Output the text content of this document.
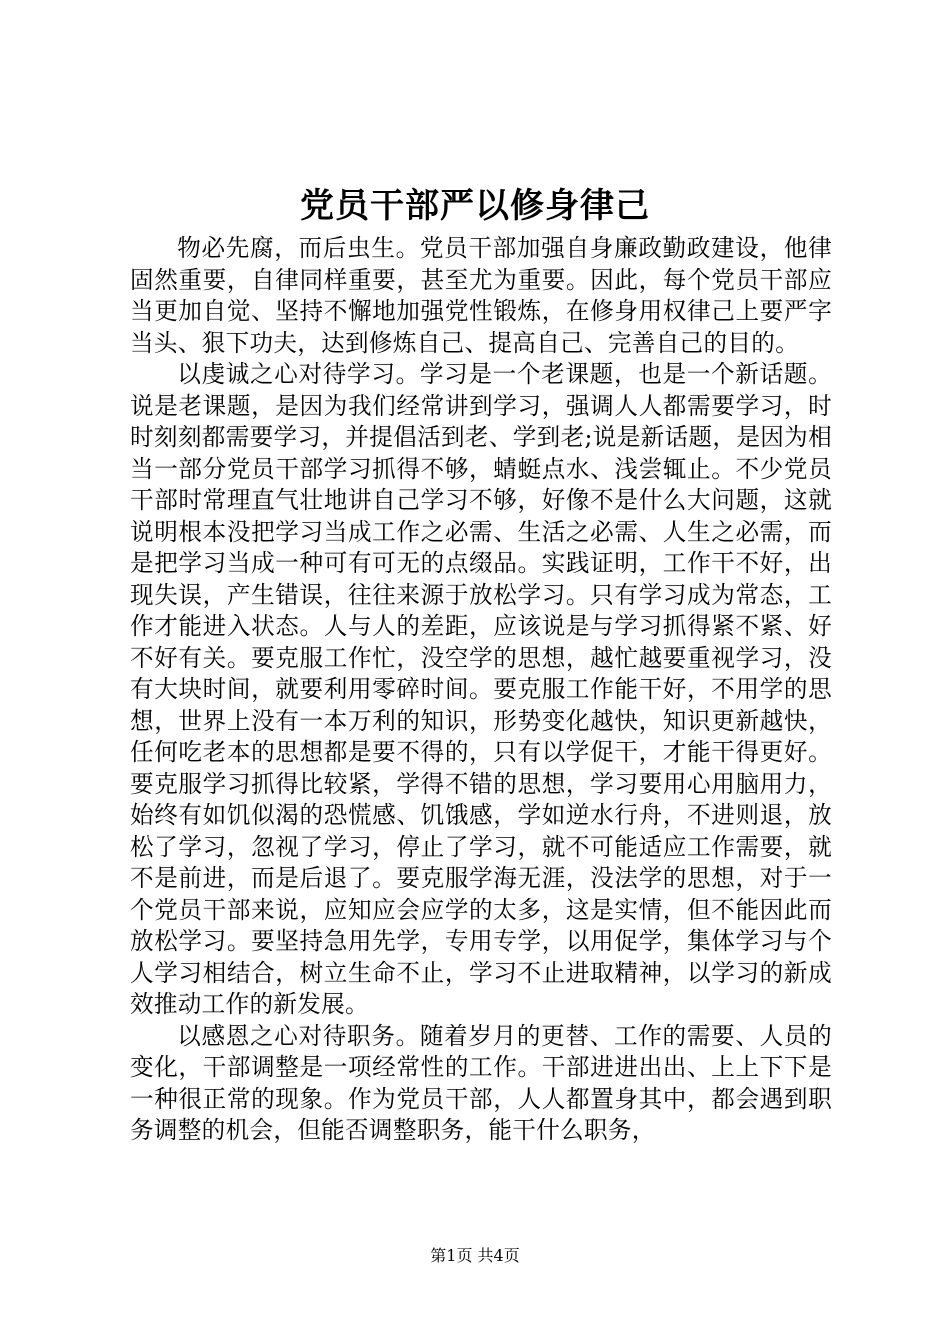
党员干部严以修身律己

物必先腐，而后虫生。党员干部加强自身廉政勤政建设，他律固然重要，自律同样重要，甚至尤为重要。因此，每个党员干部应当更加自觉、坚持不懈地加强党性锻炼，在修身用权律己上要严字当头、狠下功夫，达到修炼自己、提高自己、完善自己的目的。

以虔诚之心对待学习。学习是一个老课题，也是一个新话题。说是老课题，是因为我们经常讲到学习，强调人人都需要学习，时时刻刻都需要学习，并提倡活到老、学到老;说是新话题，是因为相当一部分党员干部学习抓得不够，蜻蜓点水、浅尝辄止。不少党员干部时常理直气壮地讲自己学习不够，好像不是什么大问题，这就说明根本没把学习当成工作之必需、生活之必需、人生之必需，而是把学习当成一种可有可无的点缀品。实践证明，工作干不好，出现失误，产生错误，往往来源于放松学习。只有学习成为常态，工作才能进入状态。人与人的差距，应该说是与学习抓得紧不紧、好不好有关。要克服工作忙，没空学的思想，越忙越要重视学习，没有大块时间，就要利用零碎时间。要克服工作能干好，不用学的思想，世界上没有一本万利的知识，形势变化越快，知识更新越快，任何吃老本的思想都是要不得的，只有以学促干，才能干得更好。要克服学习抓得比较紧，学得不错的思想，学习要用心用脑用力，始终有如饥似渴的恐慌感、饥饿感，学如逆水行舟，不进则退，放松了学习，忽视了学习，停止了学习，就不可能适应工作需要，就不是前进，而是后退了。要克服学海无涯，没法学的思想，对于一个党员干部来说，应知应会应学的太多，这是实情，但不能因此而放松学习。要坚持急用先学，专用专学，以用促学，集体学习与个人学习相结合，树立生命不止，学习不止进取精神，以学习的新成效推动工作的新发展。

以感恩之心对待职务。随着岁月的更替、工作的需要、人员的变化，干部调整是一项经常性的工作。干部进进出出、上上下下是一种很正常的现象。作为党员干部，人人都置身其中，都会遇到职务调整的机会，但能否调整职务，能干什么职务，

第1页 共4页
